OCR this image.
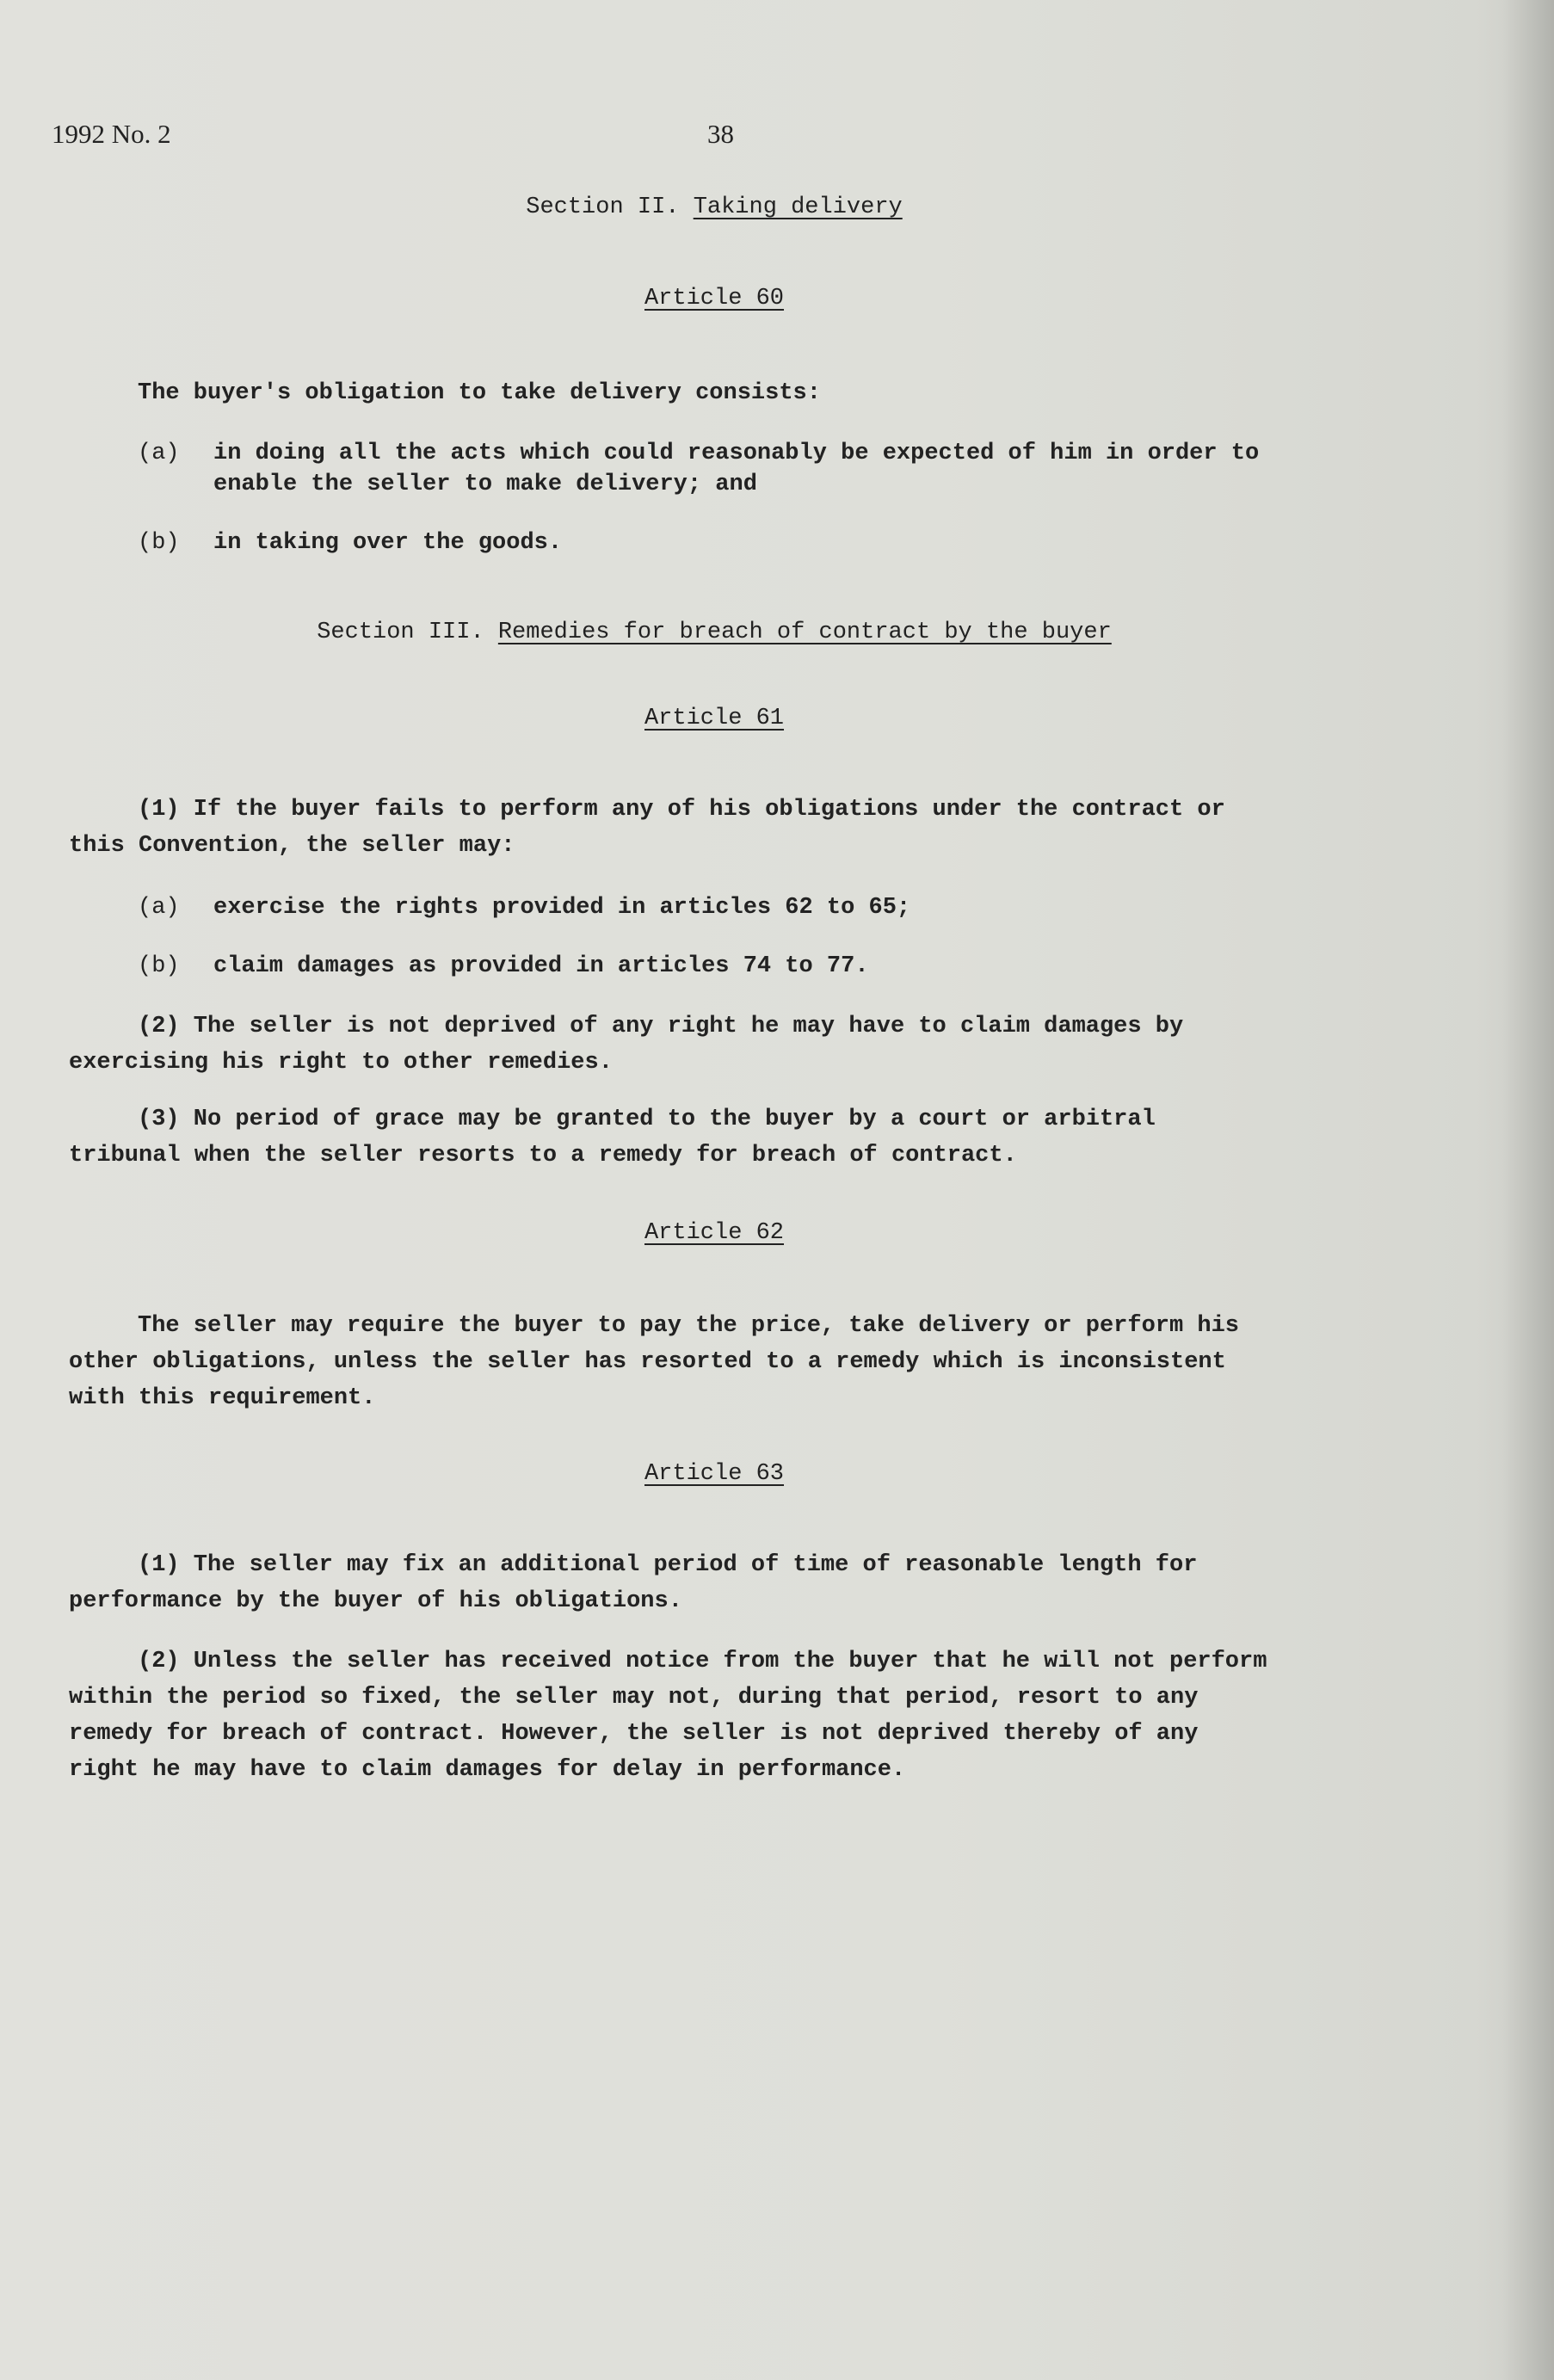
1992 No. 2	38
Section II. Taking delivery
Article 60
The buyer's obligation to take delivery consists:
(a)	in doing all the acts which could reasonably be expected of him in order to
enable the seller to make delivery; and
(b)	in taking over the goods.
Section III. Remedies for breach of contract by the buyer
Article 61
(1) If the buyer fails to perform any of his obligations under the contract or
this Convention, the seller may:
(a)	exercise the rights provided in articles 62 to 65;
(b)	claim damages as provided in articles 74 to 77.
(2) The seller is not deprived of any right he may have to claim damages by
exercising his right to other remedies.
(3) No period of grace may be granted to the buyer by a court or arbitral
tribunal when the seller resorts to a remedy for breach of contract.
Article 62
The seller may require the buyer to pay the price, take delivery or perform his
other obligations, unless the seller has resorted to a remedy which is inconsistent
with this requirement.
Article 63
(1) The seller may fix an additional period of time of reasonable length for
performance by the buyer of his obligations.
(2) Unless the seller has received notice from the buyer that he will not perform
within the period so fixed, the seller may not, during that period, resort to any
remedy for breach of contract. However, the seller is not deprived thereby of any
right he may have to claim damages for delay in performance.
